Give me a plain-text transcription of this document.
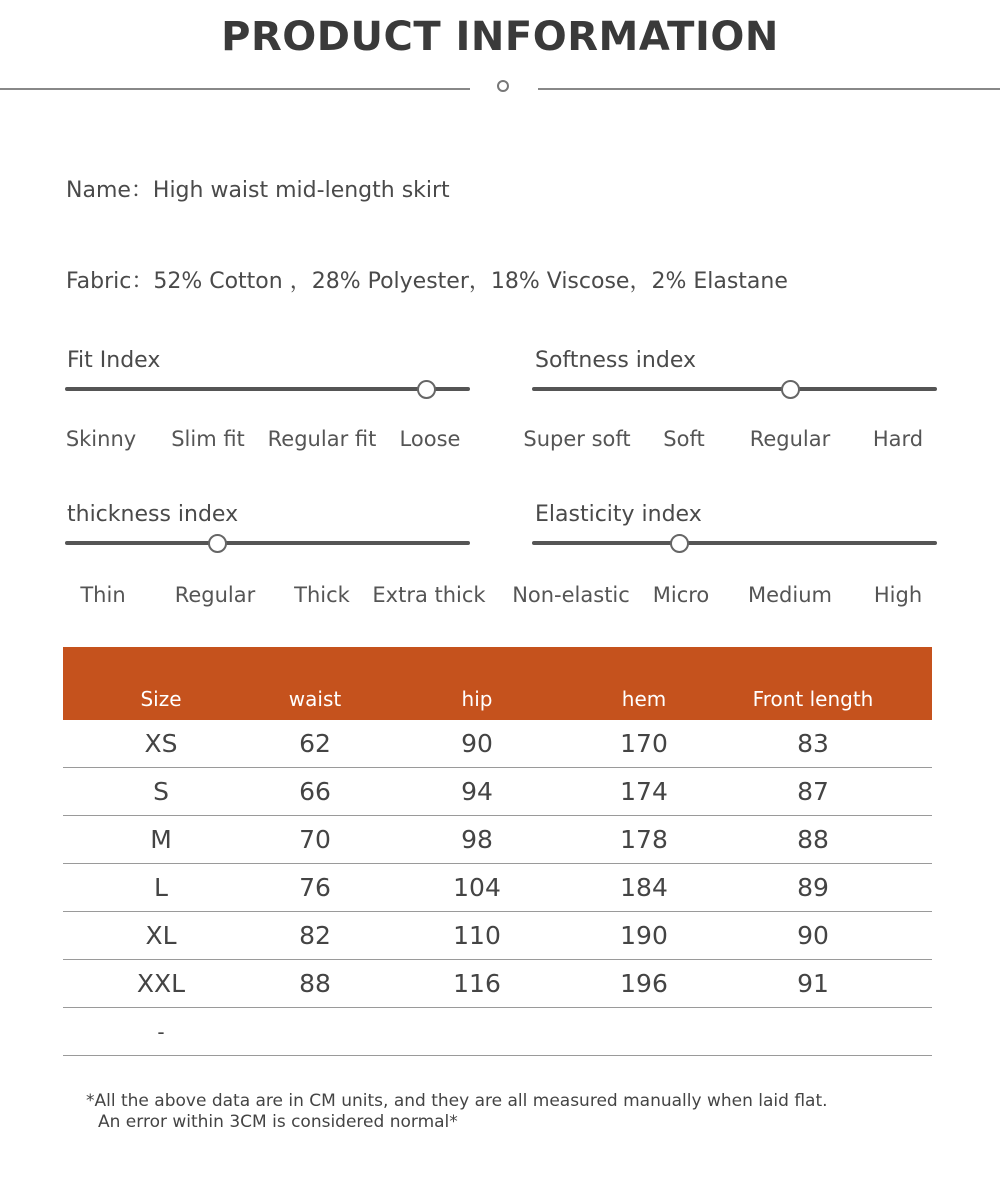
PRODUCT INFORMATION
Name：High waist mid-length skirt
Fabric：52% Cotton ，28% Polyester，18% Viscose，2% Elastane
Fit Index
Skinny Slim fit Regular fit Loose
Softness index
Super soft Soft Regular Hard
thickness index
Thin Regular Thick Extra thick
Elasticity index
Non-elastic Micro Medium High
Size	waist	hip	hem	Front length
XS	62	90	170	83
S	66	94	174	87
M	70	98	178	88
L	76	104	184	89
XL	82	110	190	90
XXL	88	116	196	91
-
*All the above data are in CM units, and they are all measured manually when laid flat.
An error within 3CM is considered normal*
